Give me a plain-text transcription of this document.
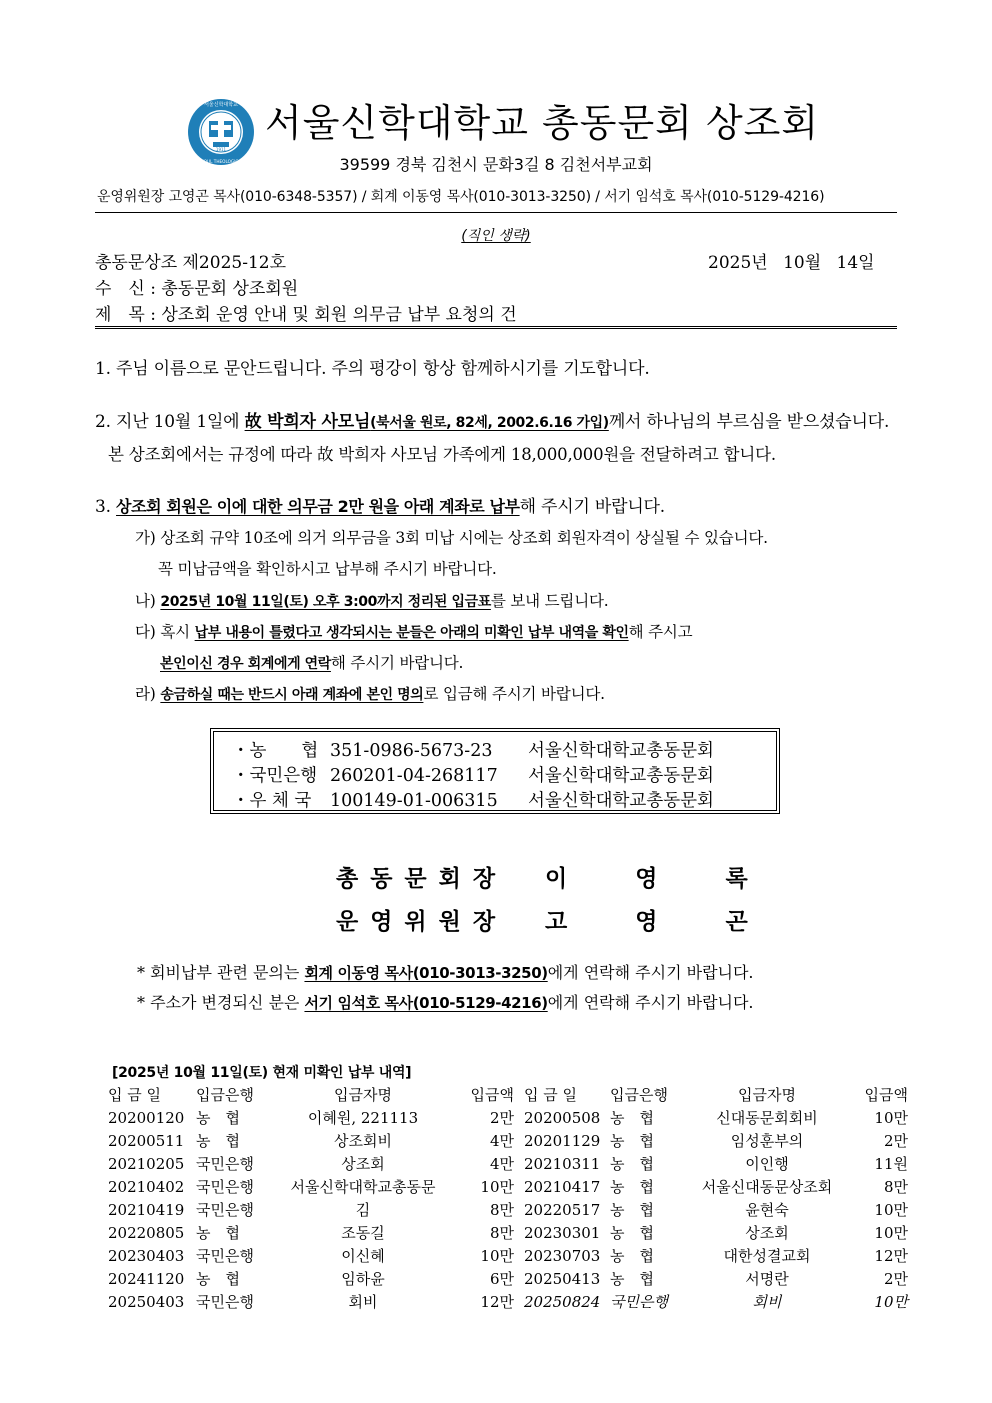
1911
서울신학대학교
SEOUL THEOLOGICAL
서울신학대학교 총동문회 상조회
39599 경북 김천시 문화3길 8 김천서부교회
운영위원장 고영곤 목사(010-6348-5357) / 회계 이동영 목사(010-3013-3250) / 서기 임석호 목사(010-5129-4216)
(직인 생략)
총동문상조 제2025-12호	2025년 10월 14일
수　신 : 총동문회 상조회원
제　목 : 상조회 운영 안내 및 회원 의무금 납부 요청의 건
1. 주님 이름으로 문안드립니다. 주의 평강이 항상 함께하시기를 기도합니다.
2. 지난 10월 1일에 故 박희자 사모님(북서울 원로, 82세, 2002.6.16 가입)께서 하나님의 부르심을 받으셨습니다.
본 상조회에서는 규정에 따라 故 박희자 사모님 가족에게 18,000,000원을 전달하려고 합니다.
3. 상조회 회원은 이에 대한 의무금 2만 원을 아래 계좌로 납부해 주시기 바랍니다.
가) 상조회 규약 10조에 의거 의무금을 3회 미납 시에는 상조회 회원자격이 상실될 수 있습니다.
꼭 미납금액을 확인하시고 납부해 주시기 바랍니다.
나) 2025년 10월 11일(토) 오후 3:00까지 정리된 입금표를 보내 드립니다.
다) 혹시 납부 내용이 틀렸다고 생각되시는 분들은 아래의 미확인 납부 내역을 확인해 주시고
본인이신 경우 회계에게 연락해 주시기 바랍니다.
라) 송금하실 때는 반드시 아래 계좌에 본인 명의로 입금해 주시기 바랍니다.
・농　　협 351-0986-5673-23 서울신학대학교총동문회
・국민은행 260201-04-268117 서울신학대학교총동문회
・우 체 국 100149-01-006315 서울신학대학교총동문회
총동문회장 이 영 록
운영위원장 고 영 곤
* 회비납부 관련 문의는 회계 이동영 목사(010-3013-3250)에게 연락해 주시기 바랍니다.
* 주소가 변경되신 분은 서기 임석호 목사(010-5129-4216)에게 연락해 주시기 바랍니다.
[2025년 10월 11일(토) 현재 미확인 납부 내역]
입 금 일	입금은행	입금자명	입금액		입 금 일	입금은행	입금자명	입금액
20200120	농　협	이혜원, 221113	2만		20200508	농　협	신대동문회회비	10만
20200511	농　협	상조회비	4만		20201129	농　협	임성훈부의	2만
20210205	국민은행	상조회	4만		20210311	농　협	이인행	11원
20210402	국민은행	서울신학대학교총동문	10만		20210417	농　협	서울신대동문상조회	8만
20210419	국민은행	김	8만		20220517	농　협	윤현숙	10만
20220805	농　협	조동길	8만		20230301	농　협	상조회	10만
20230403	국민은행	이신혜	10만		20230703	농　협	대한성결교회	12만
20241120	농　협	임하윤	6만		20250413	농　협	서명란	2만
20250403	국민은행	회비	12만		20250824	국민은행	회비	10만
